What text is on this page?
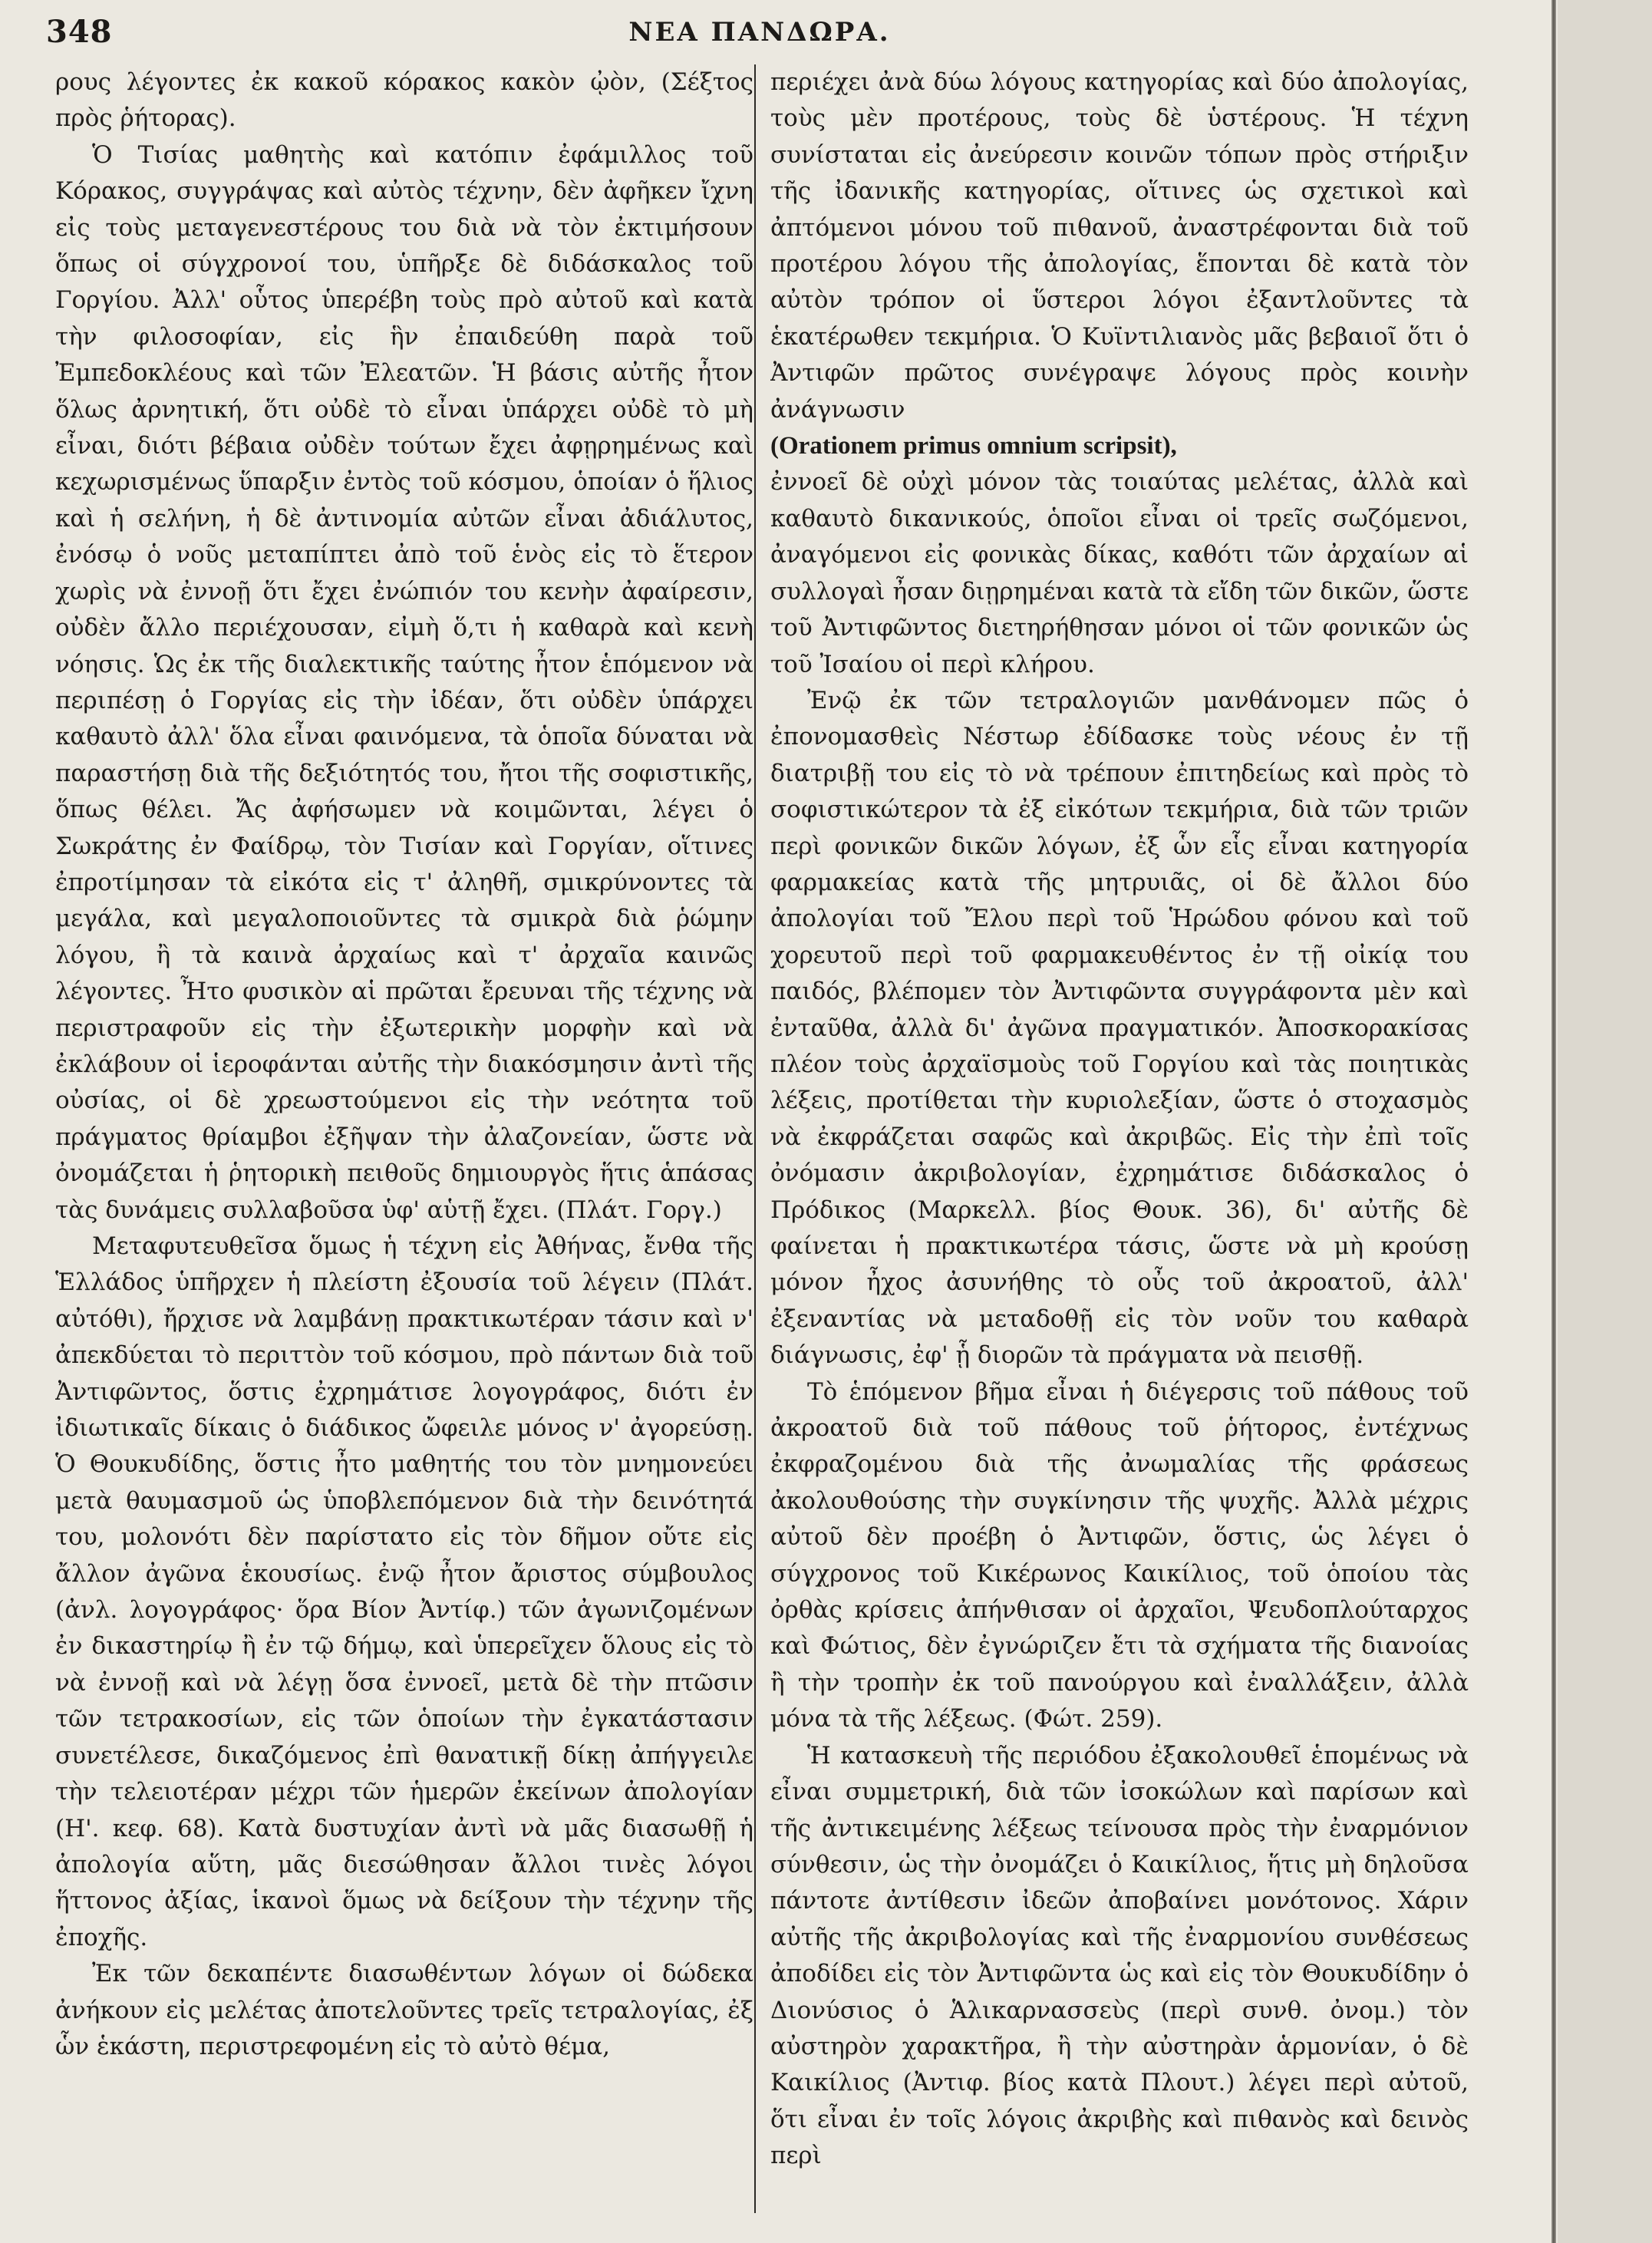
348	ΝΕΑ ΠΑΝΔΩΡΑ.

ρους λέγοντες ἐκ κακοῦ κόρακος κακὸν ᾠὸν, (Σέξτος πρὸς ῥήτορας).

Ὁ Τισίας μαθητὴς καὶ κατόπιν ἐφάμιλλος τοῦ Κόρακος, συγγράψας καὶ αὐτὸς τέχνην, δὲν ἀφῆκεν ἴχνη εἰς τοὺς μεταγενεστέρους του διὰ νὰ τὸν ἐκτιμήσουν ὅπως οἱ σύγχρονοί του, ὑπῆρξε δὲ διδάσκαλος τοῦ Γοργίου. Ἀλλ' οὗτος ὑπερέβη τοὺς πρὸ αὐτοῦ καὶ κατὰ τὴν φιλοσοφίαν, εἰς ἣν ἐπαιδεύθη παρὰ τοῦ Ἐμπεδοκλέους καὶ τῶν Ἐλεατῶν. Ἡ βάσις αὐτῆς ἦτον ὅλως ἀρνητική, ὅτι οὐδὲ τὸ εἶναι ὑπάρχει οὐδὲ τὸ μὴ εἶναι, διότι βέβαια οὐδὲν τούτων ἔχει ἀφῃρημένως καὶ κεχωρισμένως ὕπαρξιν ἐντὸς τοῦ κόσμου, ὁποίαν ὁ ἥλιος καὶ ἡ σελήνη, ἡ δὲ ἀντινομία αὐτῶν εἶναι ἀδιάλυτος, ἐνόσῳ ὁ νοῦς μεταπίπτει ἀπὸ τοῦ ἑνὸς εἰς τὸ ἕτερον χωρὶς νὰ ἐννοῇ ὅτι ἔχει ἐνώπιόν του κενὴν ἀφαίρεσιν, οὐδὲν ἄλλο περιέχουσαν, εἰμὴ ὅ,τι ἡ καθαρὰ καὶ κενὴ νόησις. Ὡς ἐκ τῆς διαλεκτικῆς ταύτης ἦτον ἑπόμενον νὰ περιπέσῃ ὁ Γοργίας εἰς τὴν ἰδέαν, ὅτι οὐδὲν ὑπάρχει καθαυτὸ ἀλλ' ὅλα εἶναι φαινόμενα, τὰ ὁποῖα δύναται νὰ παραστήσῃ διὰ τῆς δεξιότητός του, ἤτοι τῆς σοφιστικῆς, ὅπως θέλει. Ἄς ἀφήσωμεν νὰ κοιμῶνται, λέγει ὁ Σωκράτης ἐν Φαίδρῳ, τὸν Τισίαν καὶ Γοργίαν, οἵτινες ἐπροτίμησαν τὰ εἰκότα εἰς τ' ἀληθῆ, σμικρύνοντες τὰ μεγάλα, καὶ μεγαλοποιοῦντες τὰ σμικρὰ διὰ ῥώμην λόγου, ἢ τὰ καινὰ ἀρχαίως καὶ τ' ἀρχαῖα καινῶς λέγοντες. Ἦτο φυσικὸν αἱ πρῶται ἔρευναι τῆς τέχνης νὰ περιστραφοῦν εἰς τὴν ἐξωτερικὴν μορφὴν καὶ νὰ ἐκλάβουν οἱ ἱεροφάνται αὐτῆς τὴν διακόσμησιν ἀντὶ τῆς οὐσίας, οἱ δὲ χρεωστούμενοι εἰς τὴν νεότητα τοῦ πράγματος θρίαμβοι ἐξῆψαν τὴν ἀλαζονείαν, ὥστε νὰ ὀνομάζεται ἡ ῥητορικὴ πειθοῦς δημιουργὸς ἥτις ἁπάσας τὰς δυνάμεις συλλαβοῦσα ὑφ' αὑτῇ ἔχει. (Πλάτ. Γοργ.)

Μεταφυτευθεῖσα ὅμως ἡ τέχνη εἰς Ἀθήνας, ἔνθα τῆς Ἑλλάδος ὑπῆρχεν ἡ πλείστη ἐξουσία τοῦ λέγειν (Πλάτ. αὐτόθι), ἤρχισε νὰ λαμβάνῃ πρακτικωτέραν τάσιν καὶ ν' ἀπεκδύεται τὸ περιττὸν τοῦ κόσμου, πρὸ πάντων διὰ τοῦ Ἀντιφῶντος, ὅστις ἐχρημάτισε λογογράφος, διότι ἐν ἰδιωτικαῖς δίκαις ὁ διάδικος ὤφειλε μόνος ν' ἀγορεύσῃ. Ὁ Θουκυδίδης, ὅστις ἦτο μαθητής του τὸν μνημονεύει μετὰ θαυμασμοῦ ὡς ὑποβλεπόμενον διὰ τὴν δεινότητά του, μολονότι δὲν παρίστατο εἰς τὸν δῆμον οὔτε εἰς ἄλλον ἀγῶνα ἑκουσίως. ἐνῷ ἦτον ἄριστος σύμβουλος (ἀνλ. λογογράφος· ὅρα Βίον Ἀντίφ.) τῶν ἀγωνιζομένων ἐν δικαστηρίῳ ἢ ἐν τῷ δήμῳ, καὶ ὑπερεῖχεν ὅλους εἰς τὸ νὰ ἐννοῇ καὶ νὰ λέγῃ ὅσα ἐννοεῖ, μετὰ δὲ τὴν πτῶσιν τῶν τετρακοσίων, εἰς τῶν ὁποίων τὴν ἐγκατάστασιν συνετέλεσε, δικαζόμενος ἐπὶ θανατικῇ δίκῃ ἀπήγγειλε τὴν τελειοτέραν μέχρι τῶν ἡμερῶν ἐκείνων ἀπολογίαν (Η'. κεφ. 68). Κατὰ δυστυχίαν ἀντὶ νὰ μᾶς διασωθῇ ἡ ἀπολογία αὕτη, μᾶς διεσώθησαν ἄλλοι τινὲς λόγοι ἥττονος ἀξίας, ἱκανοὶ ὅμως νὰ δείξουν τὴν τέχνην τῆς ἐποχῆς.

Ἐκ τῶν δεκαπέντε διασωθέντων λόγων οἱ δώδεκα ἀνήκουν εἰς μελέτας ἀποτελοῦντες τρεῖς τετραλογίας, ἐξ ὧν ἑκάστη, περιστρεφομένη εἰς τὸ αὐτὸ θέμα,

περιέχει ἀνὰ δύω λόγους κατηγορίας καὶ δύο ἀπολογίας, τοὺς μὲν προτέρους, τοὺς δὲ ὑστέρους. Ἡ τέχνη συνίσταται εἰς ἀνεύρεσιν κοινῶν τόπων πρὸς στήριξιν τῆς ἰδανικῆς κατηγορίας, οἵτινες ὡς σχετικοὶ καὶ ἀπτόμενοι μόνου τοῦ πιθανοῦ, ἀναστρέφονται διὰ τοῦ προτέρου λόγου τῆς ἀπολογίας, ἕπονται δὲ κατὰ τὸν αὐτὸν τρόπον οἱ ὕστεροι λόγοι ἐξαντλοῦντες τὰ ἑκατέρωθεν τεκμήρια. Ὁ Κυϊντιλιανὸς μᾶς βεβαιοῖ ὅτι ὁ Ἀντιφῶν πρῶτος συνέγραψε λόγους πρὸς κοινὴν ἀνάγνωσιν

(Orationem primus omnium scripsit),

ἐννοεῖ δὲ οὐχὶ μόνον τὰς τοιαύτας μελέτας, ἀλλὰ καὶ καθαυτὸ δικανικούς, ὁποῖοι εἶναι οἱ τρεῖς σωζόμενοι, ἀναγόμενοι εἰς φονικὰς δίκας, καθότι τῶν ἀρχαίων αἱ συλλογαὶ ἦσαν διῃρημέναι κατὰ τὰ εἴδη τῶν δικῶν, ὥστε τοῦ Ἀντιφῶντος διετηρήθησαν μόνοι οἱ τῶν φονικῶν ὡς τοῦ Ἰσαίου οἱ περὶ κλήρου.

Ἐνῷ ἐκ τῶν τετραλογιῶν μανθάνομεν πῶς ὁ ἐπονομασθεὶς Νέστωρ ἐδίδασκε τοὺς νέους ἐν τῇ διατριβῇ του εἰς τὸ νὰ τρέπουν ἐπιτηδείως καὶ πρὸς τὸ σοφιστικώτερον τὰ ἐξ εἰκότων τεκμήρια, διὰ τῶν τριῶν περὶ φονικῶν δικῶν λόγων, ἐξ ὧν εἷς εἶναι κατηγορία φαρμακείας κατὰ τῆς μητρυιᾶς, οἱ δὲ ἄλλοι δύο ἀπολογίαι τοῦ Ἔλου περὶ τοῦ Ἡρώδου φόνου καὶ τοῦ χορευτοῦ περὶ τοῦ φαρμακευθέντος ἐν τῇ οἰκίᾳ του παιδός, βλέπομεν τὸν Ἀντιφῶντα συγγράφοντα μὲν καὶ ἐνταῦθα, ἀλλὰ δι' ἀγῶνα πραγματικόν. Ἀποσκορακίσας πλέον τοὺς ἀρχαϊσμοὺς τοῦ Γοργίου καὶ τὰς ποιητικὰς λέξεις, προτίθεται τὴν κυριολεξίαν, ὥστε ὁ στοχασμὸς νὰ ἐκφράζεται σαφῶς καὶ ἀκριβῶς. Εἰς τὴν ἐπὶ τοῖς ὀνόμασιν ἀκριβολογίαν, ἐχρημάτισε διδάσκαλος ὁ Πρόδικος (Μαρκελλ. βίος Θουκ. 36), δι' αὐτῆς δὲ φαίνεται ἡ πρακτικωτέρα τάσις, ὥστε νὰ μὴ κρούσῃ μόνον ἦχος ἀσυνήθης τὸ οὖς τοῦ ἀκροατοῦ, ἀλλ' ἐξεναντίας νὰ μεταδοθῇ εἰς τὸν νοῦν του καθαρὰ διάγνωσις, ἐφ' ᾗ διορῶν τὰ πράγματα νὰ πεισθῇ.

Τὸ ἑπόμενον βῆμα εἶναι ἡ διέγερσις τοῦ πάθους τοῦ ἀκροατοῦ διὰ τοῦ πάθους τοῦ ῥήτορος, ἐντέχνως ἐκφραζομένου διὰ τῆς ἀνωμαλίας τῆς φράσεως ἀκολουθούσης τὴν συγκίνησιν τῆς ψυχῆς. Ἀλλὰ μέχρις αὐτοῦ δὲν προέβη ὁ Ἀντιφῶν, ὅστις, ὡς λέγει ὁ σύγχρονος τοῦ Κικέρωνος Καικίλιος, τοῦ ὁποίου τὰς ὀρθὰς κρίσεις ἀπήνθισαν οἱ ἀρχαῖοι, Ψευδοπλούταρχος καὶ Φώτιος, δὲν ἐγνώριζεν ἔτι τὰ σχήματα τῆς διανοίας ἢ τὴν τροπὴν ἐκ τοῦ πανούργου καὶ ἐναλλάξειν, ἀλλὰ μόνα τὰ τῆς λέξεως. (Φώτ. 259).

Ἡ κατασκευὴ τῆς περιόδου ἐξακολουθεῖ ἑπομένως νὰ εἶναι συμμετρική, διὰ τῶν ἰσοκώλων καὶ παρίσων καὶ τῆς ἀντικειμένης λέξεως τείνουσα πρὸς τὴν ἐναρμόνιον σύνθεσιν, ὡς τὴν ὀνομάζει ὁ Καικίλιος, ἥτις μὴ δηλοῦσα πάντοτε ἀντίθεσιν ἰδεῶν ἀποβαίνει μονότονος. Χάριν αὐτῆς τῆς ἀκριβολογίας καὶ τῆς ἐναρμονίου συνθέσεως ἀποδίδει εἰς τὸν Ἀντιφῶντα ὡς καὶ εἰς τὸν Θουκυδίδην ὁ Διονύσιος ὁ Ἁλικαρνασσεὺς (περὶ συνθ. ὀνομ.) τὸν αὐστηρὸν χαρακτῆρα, ἢ τὴν αὐστηρὰν ἁρμονίαν, ὁ δὲ Καικίλιος (Ἀντιφ. βίος κατὰ Πλουτ.) λέγει περὶ αὐτοῦ, ὅτι εἶναι ἐν τοῖς λόγοις ἀκριβὴς καὶ πιθανὸς καὶ δεινὸς περὶ
